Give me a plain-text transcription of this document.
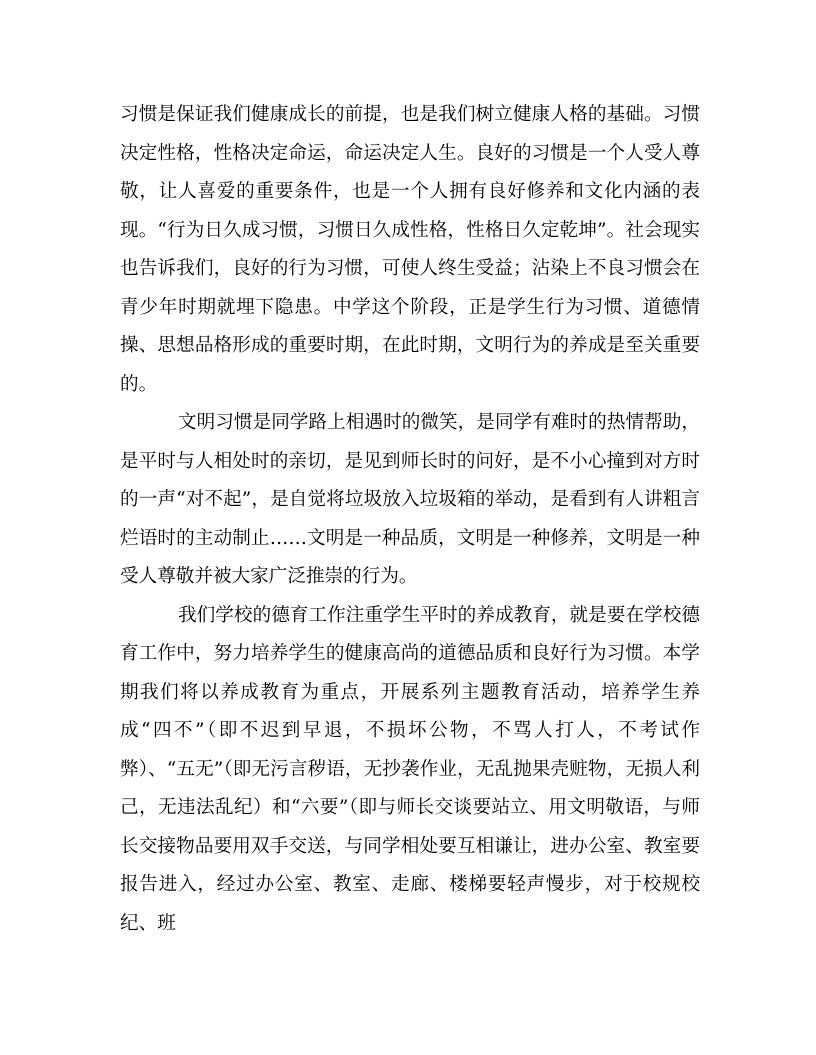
习惯是保证我们健康成长的前提，也是我们树立健康人格的基础。习惯决定性格，性格决定命运，命运决定人生。良好的习惯是一个人受人尊敬，让人喜爱的重要条件，也是一个人拥有良好修养和文化内涵的表现。“行为日久成习惯，习惯日久成性格，性格日久定乾坤”。社会现实也告诉我们，良好的行为习惯，可使人终生受益；沾染上不良习惯会在青少年时期就埋下隐患。中学这个阶段，正是学生行为习惯、道德情操、思想品格形成的重要时期，在此时期，文明行为的养成是至关重要的。

文明习惯是同学路上相遇时的微笑，是同学有难时的热情帮助，是平时与人相处时的亲切，是见到师长时的问好，是不小心撞到对方时的一声“对不起”，是自觉将垃圾放入垃圾箱的举动，是看到有人讲粗言烂语时的主动制止……文明是一种品质，文明是一种修养，文明是一种受人尊敬并被大家广泛推崇的行为。

我们学校的德育工作注重学生平时的养成教育，就是要在学校德育工作中，努力培养学生的健康高尚的道德品质和良好行为习惯。本学期我们将以养成教育为重点，开展系列主题教育活动，培养学生养成“四不”（即不迟到早退，不损坏公物，不骂人打人，不考试作弊）、“五无”（即无污言秽语，无抄袭作业，无乱抛果壳赃物，无损人利己，无违法乱纪）和“六要”（即与师长交谈要站立、用文明敬语，与师长交接物品要用双手交送，与同学相处要互相谦让，进办公室、教室要报告进入，经过办公室、教室、走廊、楼梯要轻声慢步，对于校规校纪、班
